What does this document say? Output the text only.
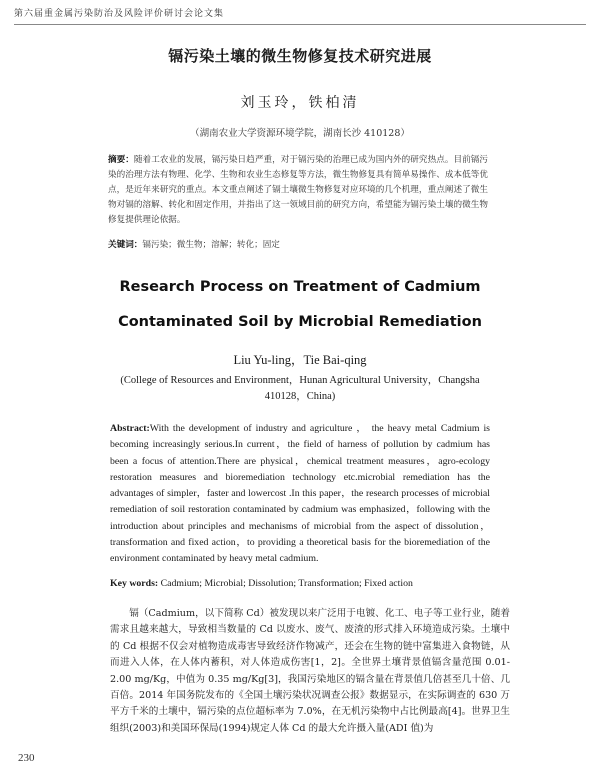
第六届重金属污染防治及风险评价研讨会论文集
镉污染土壤的微生物修复技术研究进展
刘玉玲，铁柏清
（湖南农业大学资源环境学院，湖南长沙 410128）
摘要：随着工农业的发展，镉污染日趋严重，对于镉污染的治理已成为国内外的研究热点。目前镉污染的治理方法有物理、化学、生物和农业生态修复等方法，微生物修复具有简单易操作、成本低等优点，是近年来研究的重点。本文重点阐述了镉土壤微生物修复对应环境的几个机理，重点阐述了微生物对镉的溶解、转化和固定作用，并指出了这一领域目前的研究方向，希望能为镉污染土壤的微生物修复提供理论依据。
关键词：镉污染；微生物；溶解；转化；固定
Research Process on Treatment of Cadmium
Contaminated Soil by Microbial Remediation
Liu Yu-ling，Tie Bai-qing
(College of Resources and Environment，Hunan Agricultural University，Changsha 410128，China)
Abstract:With the development of industry and agriculture ， the heavy metal Cadmium is becoming increasingly serious.In current，the field of harness of pollution by cadmium has been a focus of attention.There are physical，chemical treatment measures，agro-ecology restoration measures and bioremediation technology etc.microbial remediation has the advantages of simpler，faster and lowercost .In this paper，the research processes of microbial remediation of soil restoration contaminated by cadmium was emphasized，following with the introduction about principles and mechanisms of microbial from the aspect of dissolution， transformation and fixed action，to providing a theoretical basis for the bioremediation of the environment contaminated by heavy metal cadmium.
Key words: Cadmium; Microbial; Dissolution; Transformation; Fixed action

镉（Cadmium，以下简称 Cd）被发现以来广泛用于电镀、化工、电子等工业行业，随着需求且越来越大，导致相当数量的 Cd 以废水、废气、废渣的形式排入环境造成污染。土壤中的 Cd 根据不仅会对植物造成毒害导致经济作物减产，还会在生物的链中富集进入食物链，从而进入人体，在人体内蓄积，对人体造成伤害[1，2]。全世界土壤背景值镉含量范围 0.01-2.00 mg/Kg，中值为 0.35 mg/Kg[3]，我国污染地区的镉含量在背景值几倍甚至几十倍、几百倍。2014 年国务院发布的《全国土壤污染状况调查公报》数据显示，在实际调查的 630 万平方千米的土壤中，镉污染的点位超标率为 7.0%，在无机污染物中占比例最高[4]。世界卫生组织(2003)和美国环保局(1994)规定人体 Cd 的最大允许摄入量(ADI 值)为

230
